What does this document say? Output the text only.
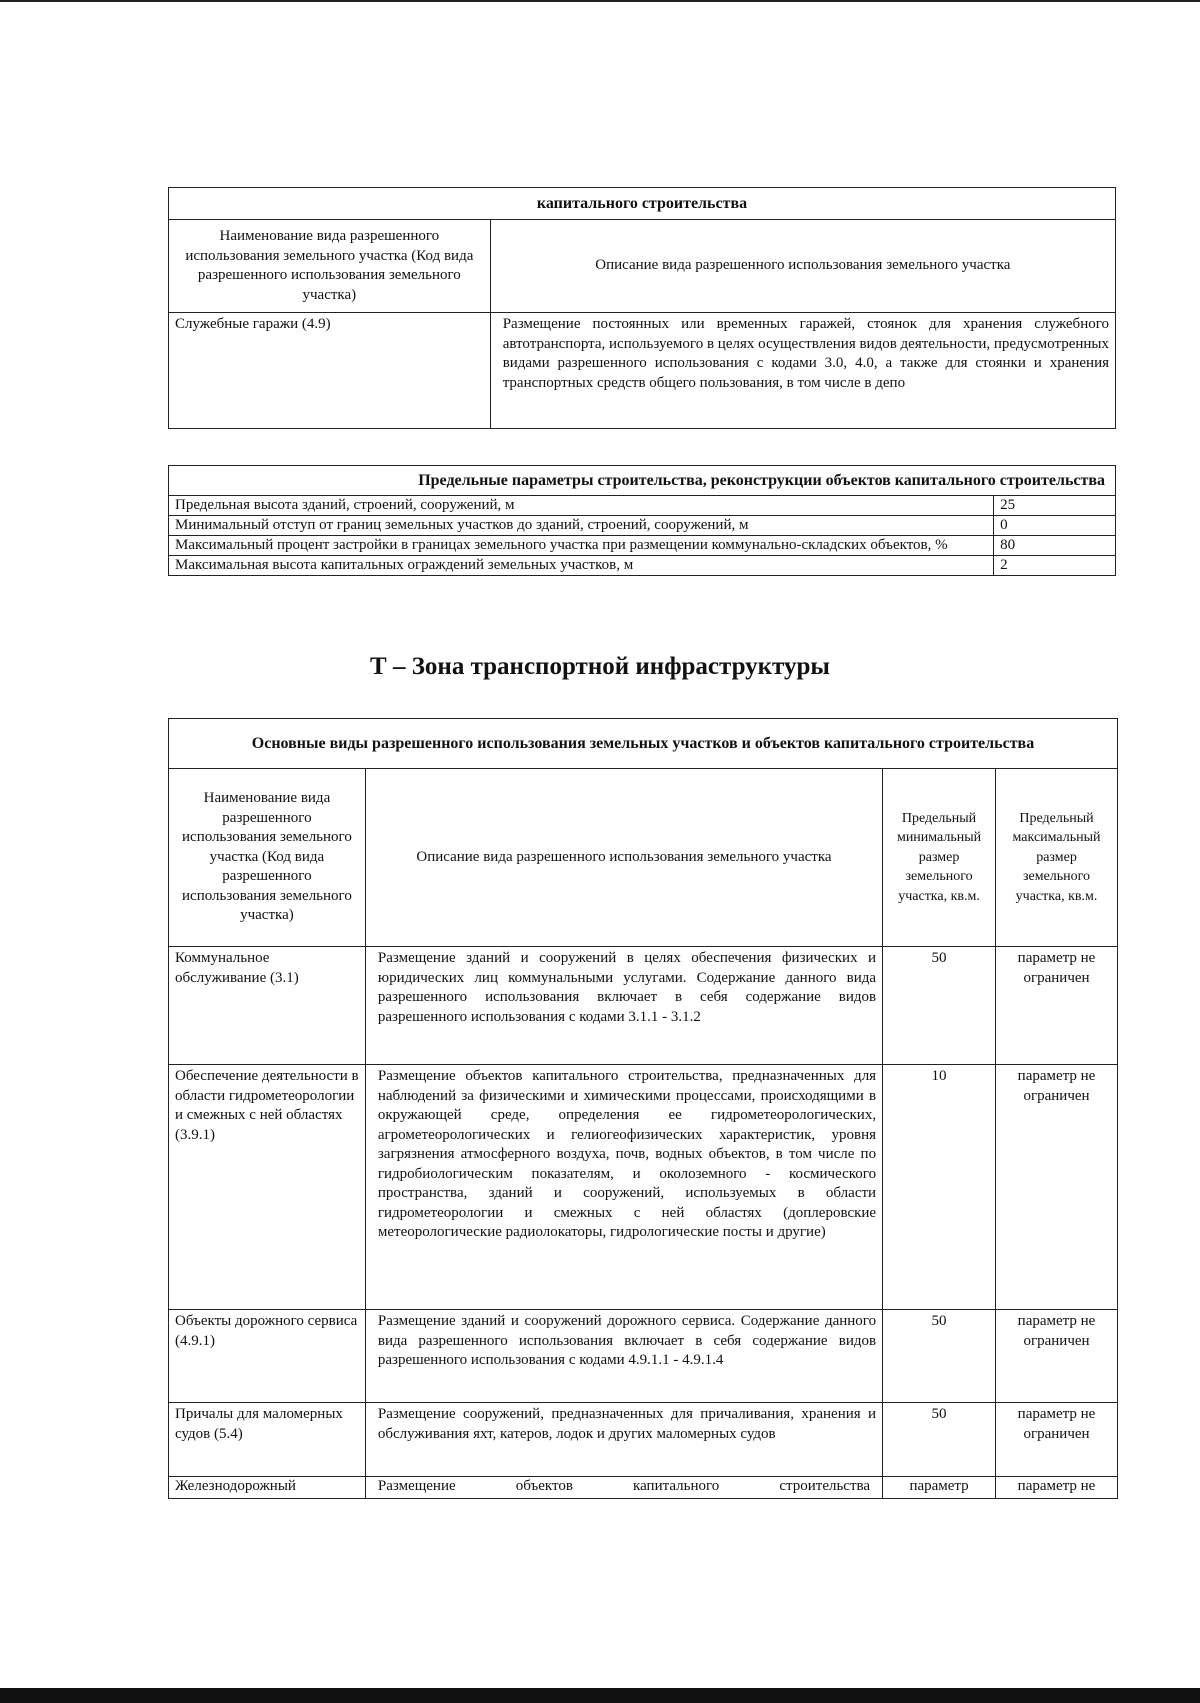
капитального строительства	
Наименование вида разрешенного использования земельного участка (Код вида разрешенного использования земельного участка)	Описание вида разрешенного использования земельного участка
Служебные гаражи (4.9)	Размещение постоянных или временных гаражей, стоянок для хранения служебного автотранспорта, используемого в целях осуществления видов деятельности, предусмотренных видами разрешенного использования с кодами 3.0, 4.0, а также для стоянки и хранения транспортных средств общего пользования, в том числе в депо
Предельные параметры строительства, реконструкции объектов капитального строительства	
Предельная высота зданий, строений, сооружений, м	25
Минимальный отступ от границ земельных участков до зданий, строений, сооружений, м	0
Максимальный процент застройки в границах земельного участка при размещении коммунально-складских объектов, %	80
Максимальная высота капитальных ограждений земельных участков, м	2
Т – Зона транспортной инфраструктуры
Основные виды разрешенного использования земельных участков и объектов капитального строительства			
Наименование вида разрешенного использования земельного участка (Код вида разрешенного использования земельного участка)	Описание вида разрешенного использования земельного участка	Предельный минимальный размер земельного участка, кв.м.	Предельный максимальный размер земельного участка, кв.м.
Коммунальное обслуживание (3.1)	Размещение зданий и сооружений в целях обеспечения физических и юридических лиц коммунальными услугами. Содержание данного вида разрешенного использования включает в себя содержание видов разрешенного использования с кодами 3.1.1 - 3.1.2	50	параметр не ограничен
Обеспечение деятельности в области гидрометеорологии и смежных с ней областях (3.9.1)	Размещение объектов капитального строительства, предназначенных для наблюдений за физическими и химическими процессами, происходящими в окружающей среде, определения ее гидрометеорологических, агрометеорологических и гелиогеофизических характеристик, уровня загрязнения атмосферного воздуха, почв, водных объектов, в том числе по гидробиологическим показателям, и околоземного - космического пространства, зданий и сооружений, используемых в области гидрометеорологии и смежных с ней областях (доплеровские метеорологические радиолокаторы, гидрологические посты и другие)	10	параметр не ограничен
Объекты дорожного сервиса (4.9.1)	Размещение зданий и сооружений дорожного сервиса. Содержание данного вида разрешенного использования включает в себя содержание видов разрешенного использования с кодами 4.9.1.1 - 4.9.1.4	50	параметр не ограничен
Причалы для маломерных судов (5.4)	Размещение сооружений, предназначенных для причаливания, хранения и обслуживания яхт, катеров, лодок и других маломерных судов	50	параметр не ограничен
Железнодорожный	Размещение объектов капитального строительства	параметр	параметр не
